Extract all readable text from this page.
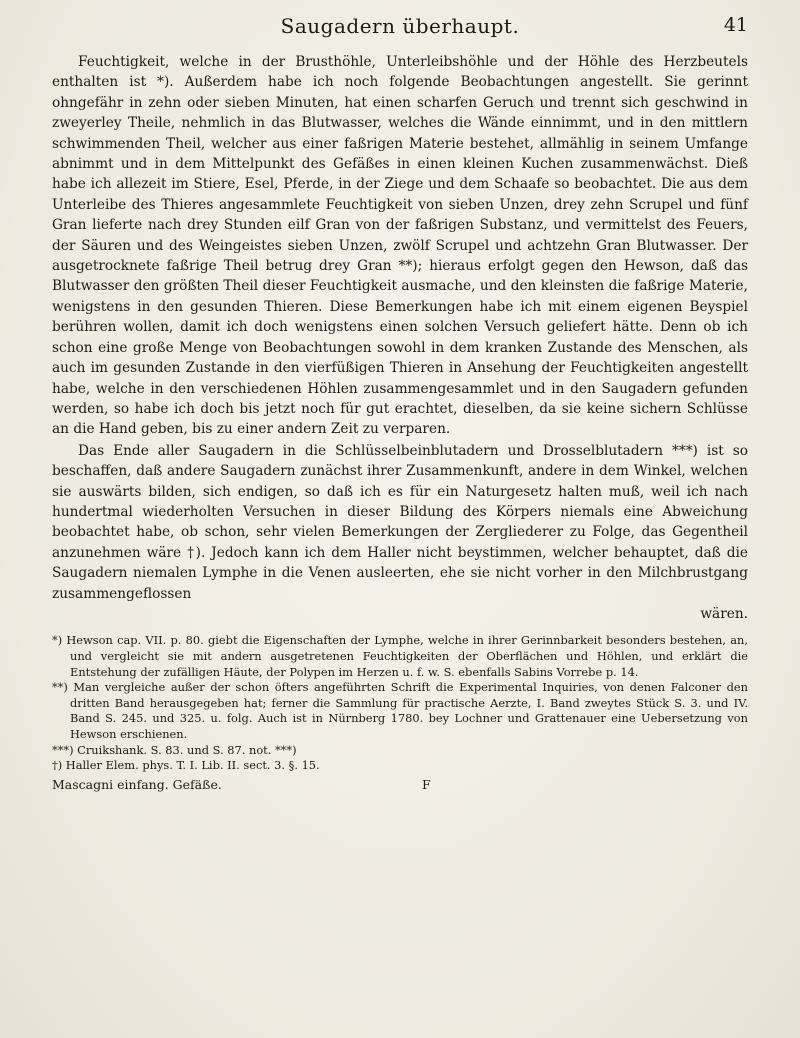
Saugadern überhaupt.	41

Feuchtigkeit, welche in der Brusthöhle, Unterleibshöhle und der Höhle des Herzbeutels enthalten ist *). Außerdem habe ich noch folgende Beobachtungen angestellt. Sie gerinnt ohngefähr in zehn oder sieben Minuten, hat einen scharfen Geruch und trennt sich geschwind in zweyerley Theile, nehmlich in das Blutwasser, welches die Wände einnimmt, und in den mittlern schwimmenden Theil, welcher aus einer faßrigen Materie bestehet, allmählig in seinem Umfange abnimmt und in dem Mittelpunkt des Gefäßes in einen kleinen Kuchen zusammenwächst. Dieß habe ich allezeit im Stiere, Esel, Pferde, in der Ziege und dem Schaafe so beobachtet. Die aus dem Unterleibe des Thieres angesammlete Feuchtigkeit von sieben Unzen, drey zehn Scrupel und fünf Gran lieferte nach drey Stunden eilf Gran von der faßrigen Substanz, und vermittelst des Feuers, der Säuren und des Weingeistes sieben Unzen, zwölf Scrupel und achtzehn Gran Blutwasser. Der ausgetrocknete faßrige Theil betrug drey Gran **); hieraus erfolgt gegen den Hewson, daß das Blutwasser den größten Theil dieser Feuchtigkeit ausmache, und den kleinsten die faßrige Materie, wenigstens in den gesunden Thieren. Diese Bemerkungen habe ich mit einem eigenen Beyspiel berühren wollen, damit ich doch wenigstens einen solchen Versuch geliefert hätte. Denn ob ich schon eine große Menge von Beobachtungen sowohl in dem kranken Zustande des Menschen, als auch im gesunden Zustande in den vierfüßigen Thieren in Ansehung der Feuchtigkeiten angestellt habe, welche in den verschiedenen Höhlen zusammengesammlet und in den Saugadern gefunden werden, so habe ich doch bis jetzt noch für gut erachtet, dieselben, da sie keine sichern Schlüsse an die Hand geben, bis zu einer andern Zeit zu verparen.

Das Ende aller Saugadern in die Schlüsselbeinblutadern und Drosselblutadern ***) ist so beschaffen, daß andere Saugadern zunächst ihrer Zusammenkunft, andere in dem Winkel, welchen sie auswärts bilden, sich endigen, so daß ich es für ein Naturgesetz halten muß, weil ich nach hundertmal wiederholten Versuchen in dieser Bildung des Körpers niemals eine Abweichung beobachtet habe, ob schon, sehr vielen Bemerkungen der Zergliederer zu Folge, das Gegentheil anzunehmen wäre †). Jedoch kann ich dem Haller nicht beystimmen, welcher behauptet, daß die Saugadern niemalen Lymphe in die Venen ausleerten, ehe sie nicht vorher in den Milchbrustgang zusammengeflossen

wären.

*) Hewson cap. VII. p. 80. giebt die Eigenschaften der Lymphe, welche in ihrer Gerinnbarkeit besonders bestehen, an, und vergleicht sie mit andern ausgetretenen Feuchtigkeiten der Oberflächen und Höhlen, und erklärt die Entstehung der zufälligen Häute, der Polypen im Herzen u. f. w. S. ebenfalls Sabins Vorrebe p. 14.

**) Man vergleiche außer der schon öfters angeführten Schrift die Experimental Inquiries, von denen Falconer den dritten Band herausgegeben hat; ferner die Sammlung für practische Aerzte, I. Band zweytes Stück S. 3. und IV. Band S. 245. und 325. u. folg. Auch ist in Nürnberg 1780. bey Lochner und Grattenauer eine Uebersetzung von Hewson erschienen.

***) Cruikshank. S. 83. und S. 87. not. ***)

†) Haller Elem. phys. T. I. Lib. II. sect. 3. §. 15.

Mascagni einfang. Gefäße.	F
